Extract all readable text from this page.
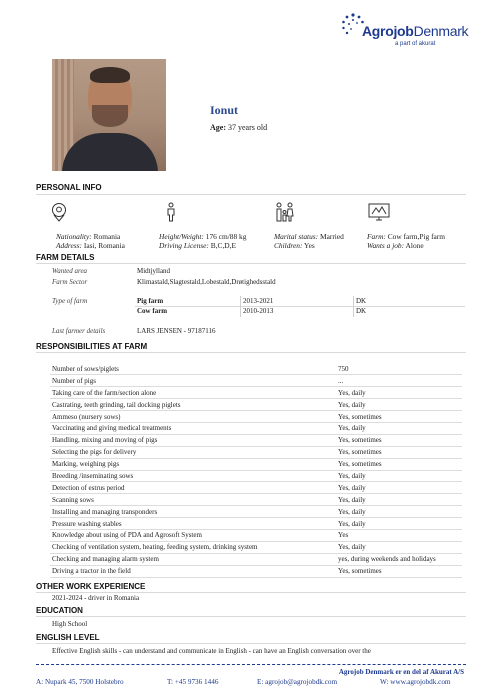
AgrojobDenmark
a part of akurat
Ionut
Age: 37 years old
PERSONAL INFO
Nationality: Romania
Address: Iasi, Romania
Height/Weight: 176 cm/88 kg
Driving License: B,C,D,E
Marital status: Married
Children: Yes
Farm: Cow farm,Pig farm
Wants a job: Alone
FARM DETAILS
Wanted area	Midtjylland
Farm Sector	Klimastald,Slagtestald,Lobestald,Drøtighedsstald
Type of farm	Pig farm	2013-2021	DK
Cow farm	2010-2013	DK
Last farmer details	LARS JENSEN - 97187116
RESPONSIBILITIES AT FARM
Number of sows/piglets	750
Number of pigs	...
Taking care of the farm/section alone	Yes, daily
Castrating, teeth grinding, tail docking piglets	Yes, daily
Ammeso (nursery sows)	Yes, sometimes
Vaccinating and giving medical treatments	Yes, daily
Handling, mixing and moving of pigs	Yes, sometimes
Selecting the pigs for delivery	Yes, sometimes
Marking, weighing pigs	Yes, sometimes
Breeding /inseminating sows	Yes, daily
Detection of estrus period	Yes, daily
Scanning sows	Yes, daily
Installing and managing transponders	Yes, daily
Pressure washing stables	Yes, daily
Knowledge about using of PDA and Agrosoft System	Yes
Checking of ventilation system, heating, feeding system, drinking system	Yes, daily
Checking and managing alarm system	yes, during weekends and holidays
Driving a tractor in the field	Yes, sometimes
OTHER WORK EXPERIENCE
2021-2024 - driver in Romania
EDUCATION
High School
ENGLISH LEVEL
Effective English skills - can understand and communicate in English - can have an English conversation over the
Agrojob Denmark er en del af Akurat A/S
A: Nupark 45, 7500 Holstebro	T: +45 9736 1446	E: agrojob@agrojobdk.com	W: www.agrojobdk.com
